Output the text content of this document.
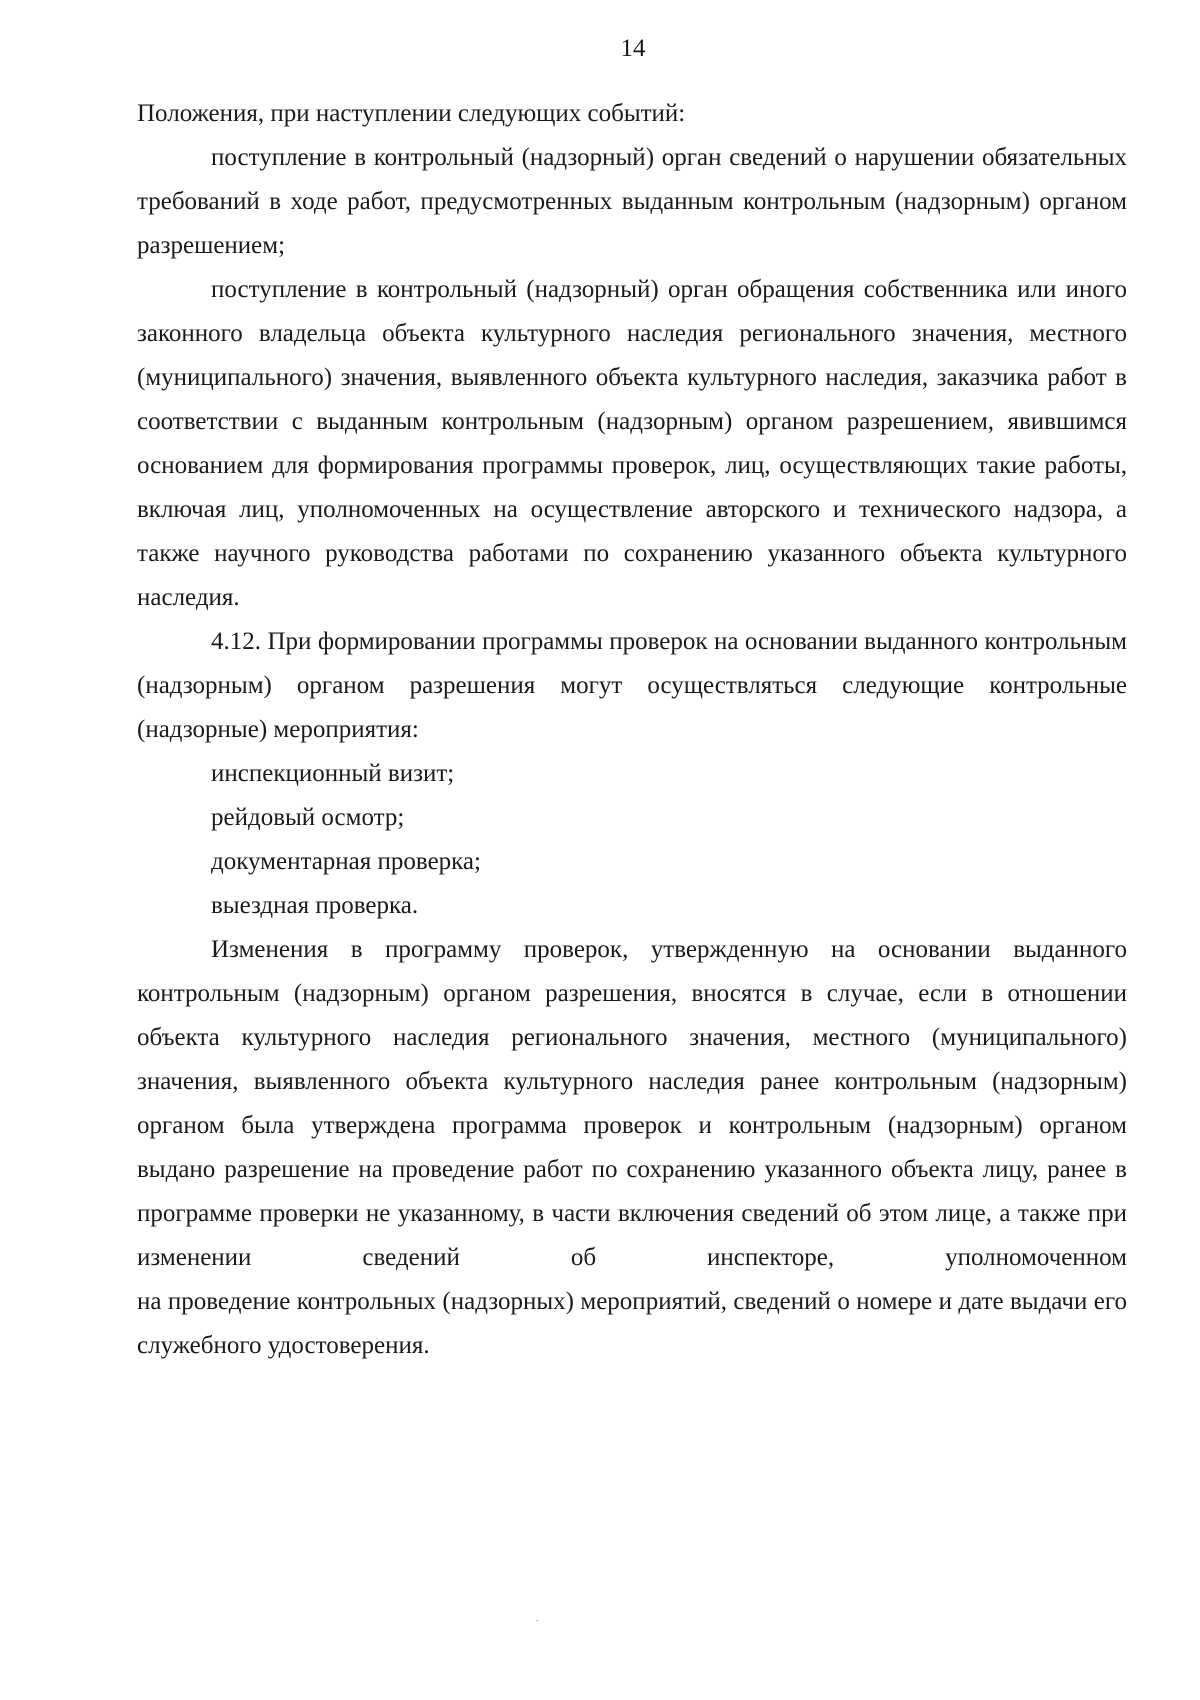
14

Положения, при наступлении следующих событий:

поступление в контрольный (надзорный) орган сведений о нарушении обязательных требований в ходе работ, предусмотренных выданным контрольным (надзорным) органом разрешением;

поступление в контрольный (надзорный) орган обращения собственника или иного законного владельца объекта культурного наследия регионального значения, местного (муниципального) значения, выявленного объекта культурного наследия, заказчика работ в соответствии с выданным контрольным (надзорным) органом разрешением, явившимся основанием для формирования программы проверок, лиц, осуществляющих такие работы, включая лиц, уполномоченных на осуществление авторского и технического надзора, а также научного руководства работами по сохранению указанного объекта культурного наследия.

4.12. При формировании программы проверок на основании выданного контрольным (надзорным) органом разрешения могут осуществляться следующие контрольные (надзорные) мероприятия:

инспекционный визит;

рейдовый осмотр;

документарная проверка;

выездная проверка.

Изменения в программу проверок, утвержденную на основании выданного контрольным (надзорным) органом разрешения, вносятся в случае, если в отношении объекта культурного наследия регионального значения, местного (муниципального) значения, выявленного объекта культурного наследия ранее контрольным (надзорным) органом была утверждена программа проверок и контрольным (надзорным) органом выдано разрешение на проведение работ по сохранению указанного объекта лицу, ранее в программе проверки не указанному, в части включения сведений об этом лице, а также при изменении сведений об инспекторе, уполномоченном

на проведение контрольных (надзорных) мероприятий, сведений о номере и дате выдачи его служебного удостоверения.
